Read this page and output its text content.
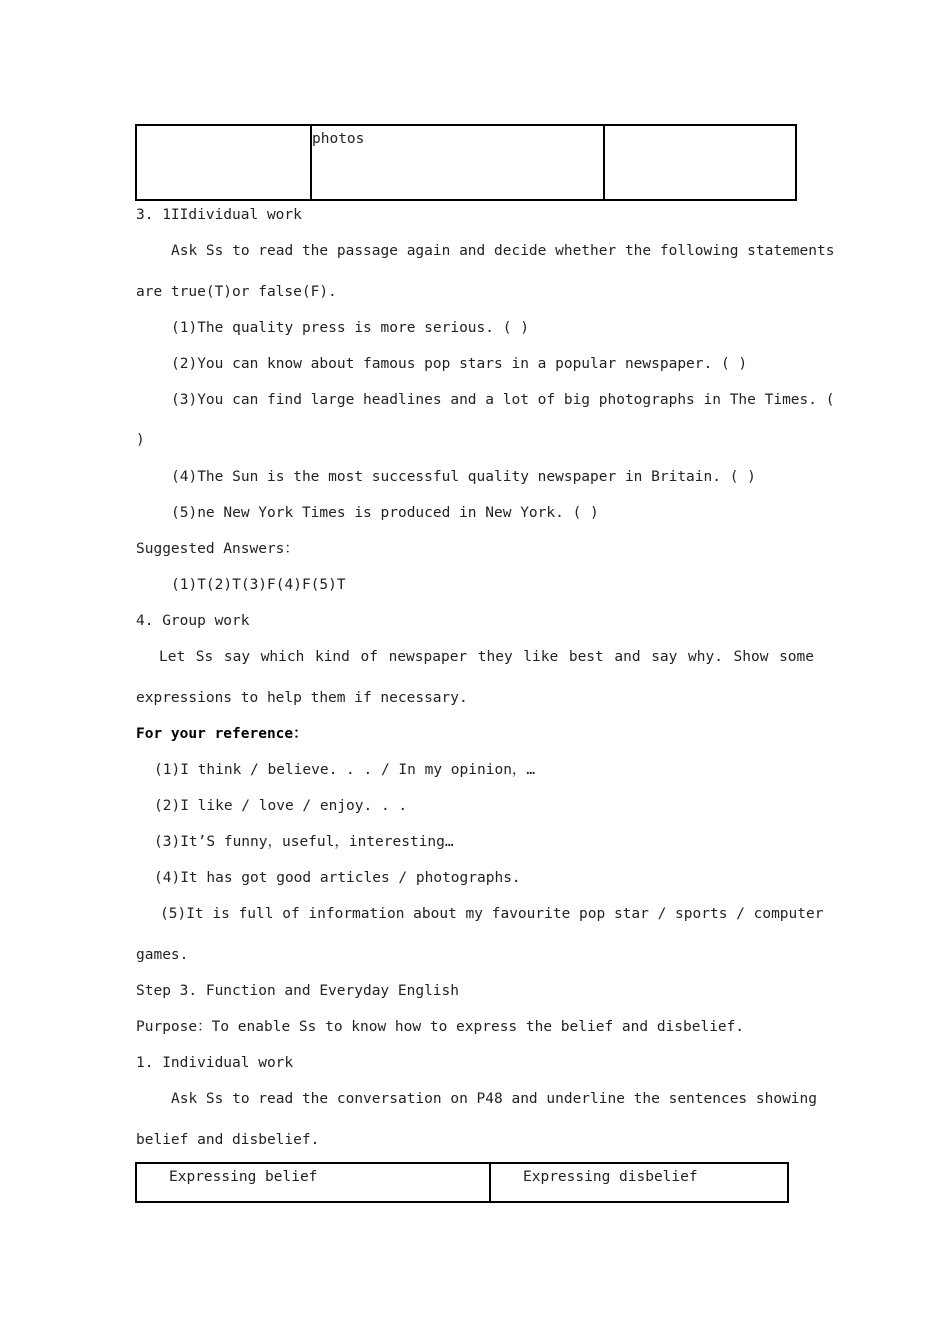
	photos	
3. 1IIdividual work
Ask Ss to read the passage again and decide whether the following statements
are true(T)or false(F).
(1)The quality press is more serious. ( )
(2)You can know about famous pop stars in a popular newspaper. ( )
(3)You can find large headlines and a lot of big photographs in The Times. (
)
(4)The Sun is the most successful quality newspaper in Britain. ( )
(5)ne New York Times is produced in New York. ( )
Suggested Answers：
(1)T(2)T(3)F(4)F(5)T
4. Group work
Let Ss say which kind of newspaper they like best and say why. Show some
expressions to help them if necessary.
For your reference：
(1)I think / believe. . . / In my opinion，…
(2)I like / love / enjoy. . .
(3)It’S funny，useful，interesting…
(4)It has got good articles / photographs.
(5)It is full of information about my favourite pop star / sports / computer
games.
Step 3. Function and Everyday English
Purpose：To enable Ss to know how to express the belief and disbelief.
1. Individual work
Ask Ss to read the conversation on P48 and underline the sentences showing
belief and disbelief.
Expressing belief	Expressing disbelief
